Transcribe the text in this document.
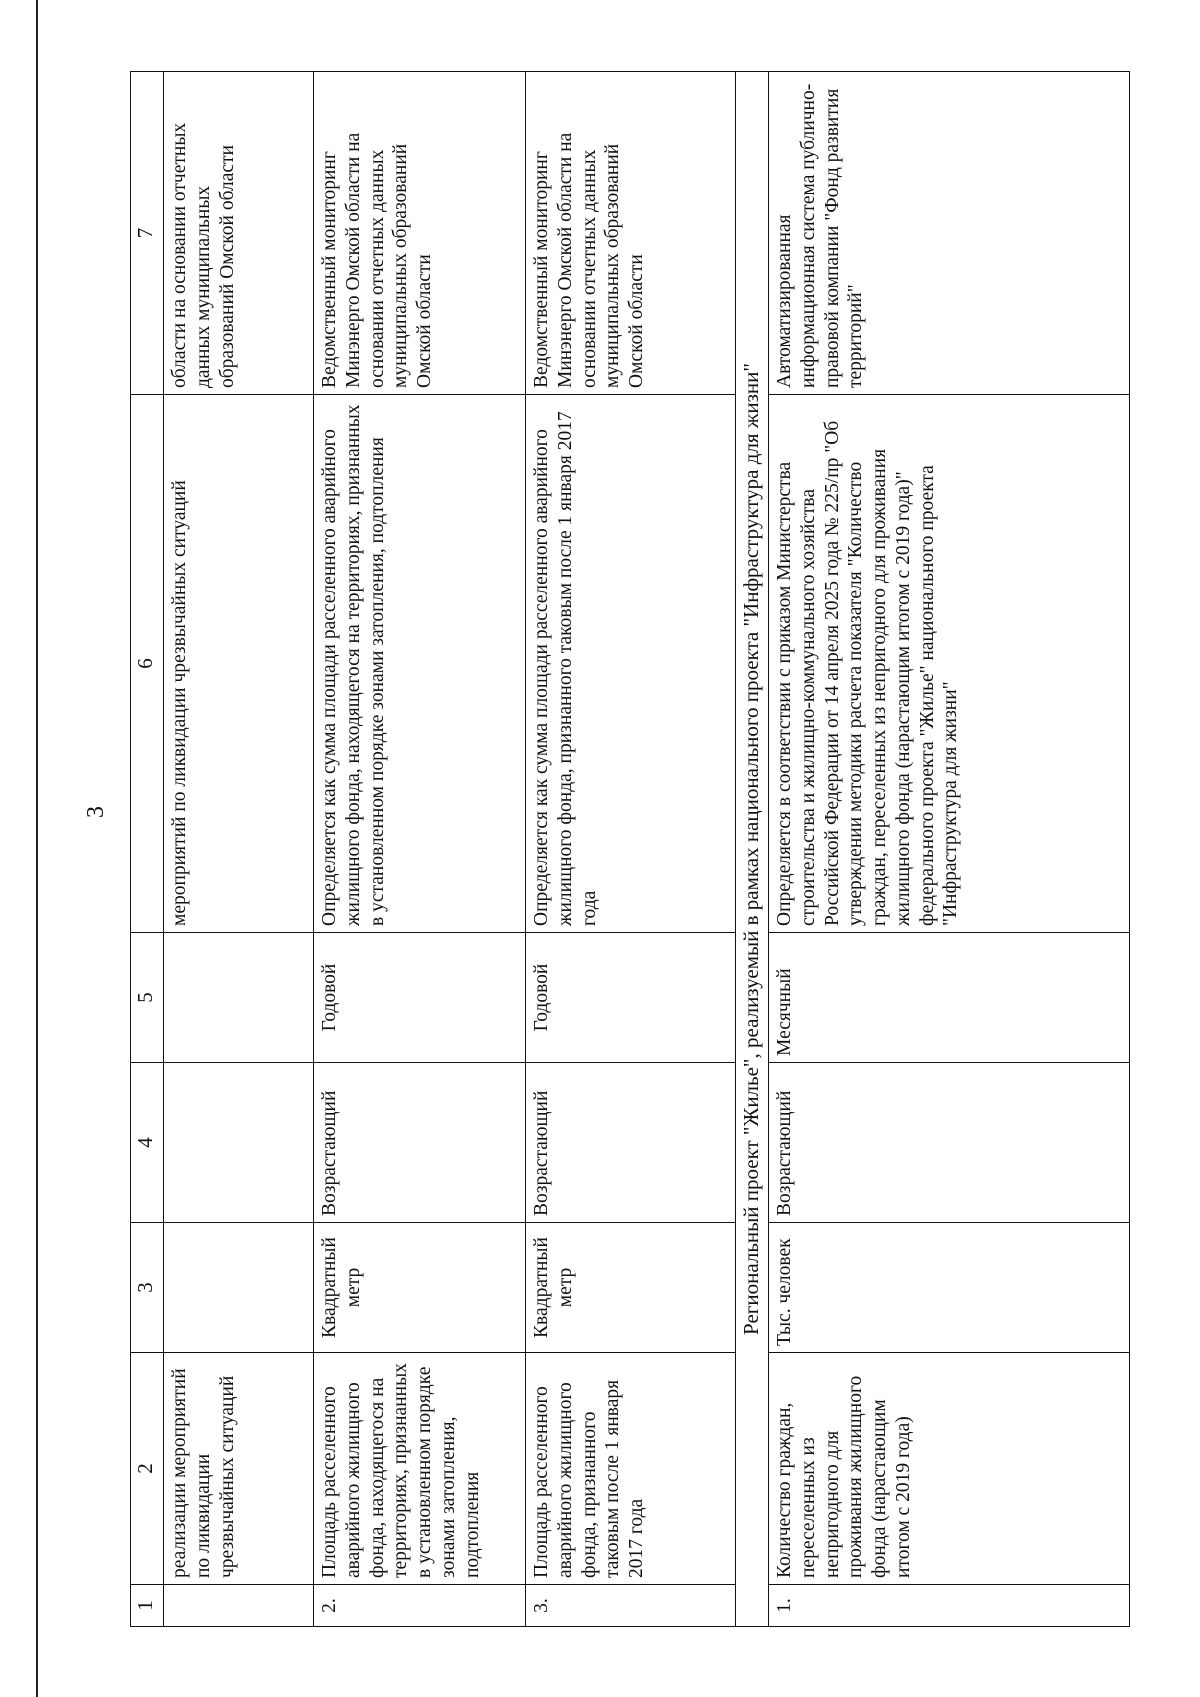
3
1	2	3	4	5	6	7
	реализации мероприятий по ликвидации чрезвычайных ситуаций				мероприятий по ликвидации чрезвычайных ситуаций	области на основании отчетных данных муниципальных образований Омской области
2.	Площадь расселенного аварийного жилищного фонда, находящегося на территориях, признанных в установленном порядке зонами затопления, подтопления	Квадратный метр	Возрастающий	Годовой	Определяется как сумма площади расселенного аварийного жилищного фонда, находящегося на территориях, признанных в установленном порядке зонами затопления, подтопления	Ведомственный мониторинг Минэнерго Омской области на основании отчетных данных муниципальных образований Омской области
3.	Площадь расселенного аварийного жилищного фонда, признанного таковым после 1 января 2017 года	Квадратный метр	Возрастающий	Годовой	Определяется как сумма площади расселенного аварийного жилищного фонда, признанного таковым после 1 января 2017 года	Ведомственный мониторинг Минэнерго Омской области на основании отчетных данных муниципальных образований Омской области
Региональный проект "Жилье", реализуемый в рамках национального проекта "Инфраструктура для жизни"						
1.	Количество граждан, переселенных из непригодного для проживания жилищного фонда (нарастающим итогом с 2019 года)	Тыс. человек	Возрастающий	Месячный	Определяется в соответствии с приказом Министерства строительства и жилищно-коммунального хозяйства Российской Федерации от 14 апреля 2025 года № 225/пр "Об утверждении методики расчета показателя "Количество граждан, переселенных из непригодного для проживания жилищного фонда (нарастающим итогом с 2019 года)" федерального проекта "Жилье" национального проекта "Инфраструктура для жизни"	Автоматизированная информационная система публично-правовой компании "Фонд развития территорий"
